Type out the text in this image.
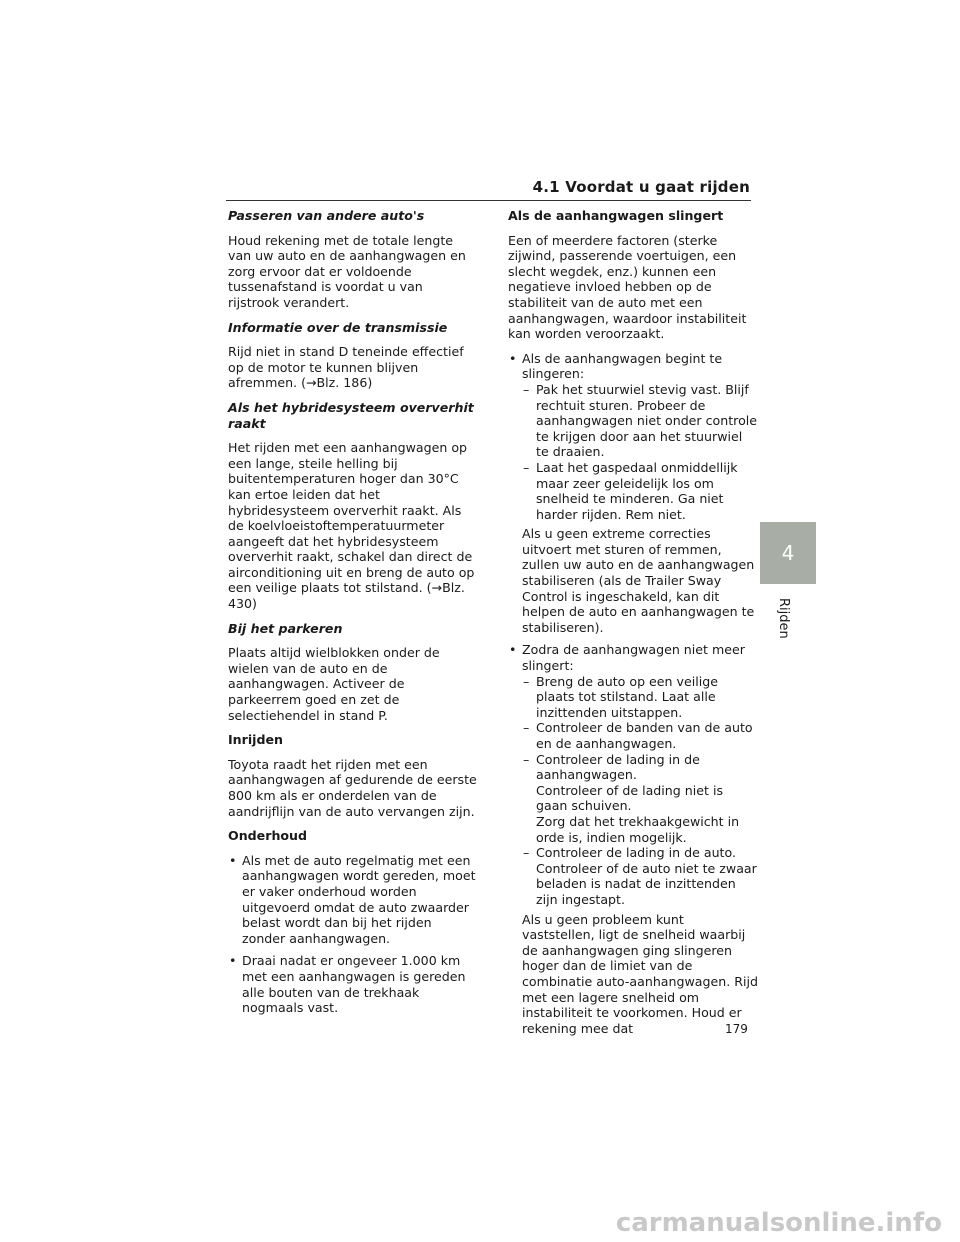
4.1 Voordat u gaat rijden
Passeren van andere auto's

Houd rekening met de totale lengte van uw auto en de aanhangwagen en zorg ervoor dat er voldoende tussenafstand is voordat u van rijstrook verandert.

Informatie over de transmissie

Rijd niet in stand D teneinde effectief op de motor te kunnen blijven afremmen. (→Blz. 186)

Als het hybridesysteem oververhit raakt

Het rijden met een aanhangwagen op een lange, steile helling bij buitentemperaturen hoger dan 30°C kan ertoe leiden dat het hybridesysteem oververhit raakt. Als de koelvloeistoftemperatuurmeter aangeeft dat het hybridesysteem oververhit raakt, schakel dan direct de airconditioning uit en breng de auto op een veilige plaats tot stilstand. (→Blz. 430)

Bij het parkeren

Plaats altijd wielblokken onder de wielen van de auto en de aanhangwagen. Activeer de parkeerrem goed en zet de selectiehendel in stand P.

Inrijden

Toyota raadt het rijden met een aanhangwagen af gedurende de eerste 800 km als er onderdelen van de aandrijflijn van de auto vervangen zijn.

Onderhoud
• Als met de auto regelmatig met een aanhangwagen wordt gereden, moet er vaker onderhoud worden uitgevoerd omdat de auto zwaarder belast wordt dan bij het rijden zonder aanhangwagen.
• Draai nadat er ongeveer 1.000 km met een aanhangwagen is gereden alle bouten van de trekhaak nogmaals vast.
Als de aanhangwagen slingert

Een of meerdere factoren (sterke zijwind, passerende voertuigen, een slecht wegdek, enz.) kunnen een negatieve invloed hebben op de stabiliteit van de auto met een aanhangwagen, waardoor instabiliteit kan worden veroorzaakt.

• Als de aanhangwagen begint te slingeren:
– Pak het stuurwiel stevig vast. Blijf rechtuit sturen. Probeer de aanhangwagen niet onder controle te krijgen door aan het stuurwiel te draaien.
– Laat het gaspedaal onmiddellijk maar zeer geleidelijk los om snelheid te minderen. Ga niet harder rijden. Rem niet.
Als u geen extreme correcties uitvoert met sturen of remmen, zullen uw auto en de aanhangwagen stabiliseren (als de Trailer Sway Control is ingeschakeld, kan dit helpen de auto en aanhangwagen te stabiliseren).
• Zodra de aanhangwagen niet meer slingert:
– Breng de auto op een veilige plaats tot stilstand. Laat alle inzittenden uitstappen.
– Controleer de banden van de auto en de aanhangwagen.
– Controleer de lading in de aanhangwagen.
Controleer of de lading niet is gaan schuiven.
Zorg dat het trekhaakgewicht in orde is, indien mogelijk.
– Controleer de lading in de auto. Controleer of de auto niet te zwaar beladen is nadat de inzittenden zijn ingestapt.
Als u geen probleem kunt vaststellen, ligt de snelheid waarbij de aanhangwagen ging slingeren hoger dan de limiet van de combinatie auto-aanhangwagen. Rijd met een lagere snelheid om instabiliteit te voorkomen. Houd er rekening mee dat
4
Rijden
179
carmanualsonline.info
